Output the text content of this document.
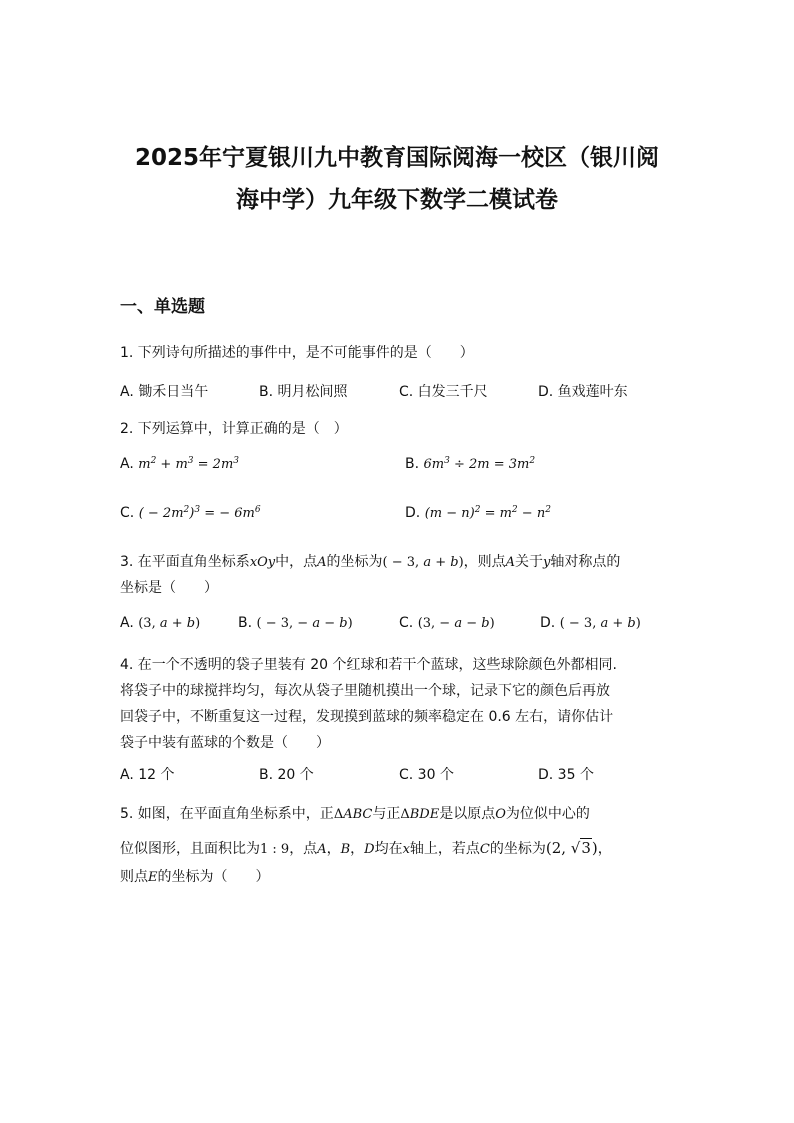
2025年宁夏银川九中教育国际阅海一校区（银川阅
海中学）九年级下数学二模试卷
一、单选题
1. 下列诗句所描述的事件中，是不可能事件的是（　　）
A. 锄禾日当午	B. 明月松间照	C. 白发三千尺	D. 鱼戏莲叶东
2. 下列运算中，计算正确的是（　）
A. $m^2 + m^3 = 2m^3$	B. $6m^3 \div 2m = 3m^2$
C. ( − $2m^2)^3$ = − $6m^6$	D. $(m - n)^2 = m^2 - n^2$
3. 在平面直角坐标系xOy中，点A的坐标为( − 3, a + b)，则点A关于y轴对称点的
坐标是（　　）
A. (3, a + b)	B. ( − 3, − a − b)	C. (3, − a − b)	D. ( − 3, a + b)
4. 在一个不透明的袋子里装有 20 个红球和若干个蓝球，这些球除颜色外都相同.
将袋子中的球搅拌均匀，每次从袋子里随机摸出一个球，记录下它的颜色后再放
回袋子中，不断重复这一过程，发现摸到蓝球的频率稳定在 0.6 左右，请你估计
袋子中装有蓝球的个数是（　　）
A. 12 个	B. 20 个	C. 30 个	D. 35 个
5. 如图，在平面直角坐标系中，正ΔABC与正ΔBDE是以原点O为位似中心的
位似图形，且面积比为1 : 9，点A，B，D均在x轴上，若点C的坐标为(2, √3)，
则点E的坐标为（　　）
